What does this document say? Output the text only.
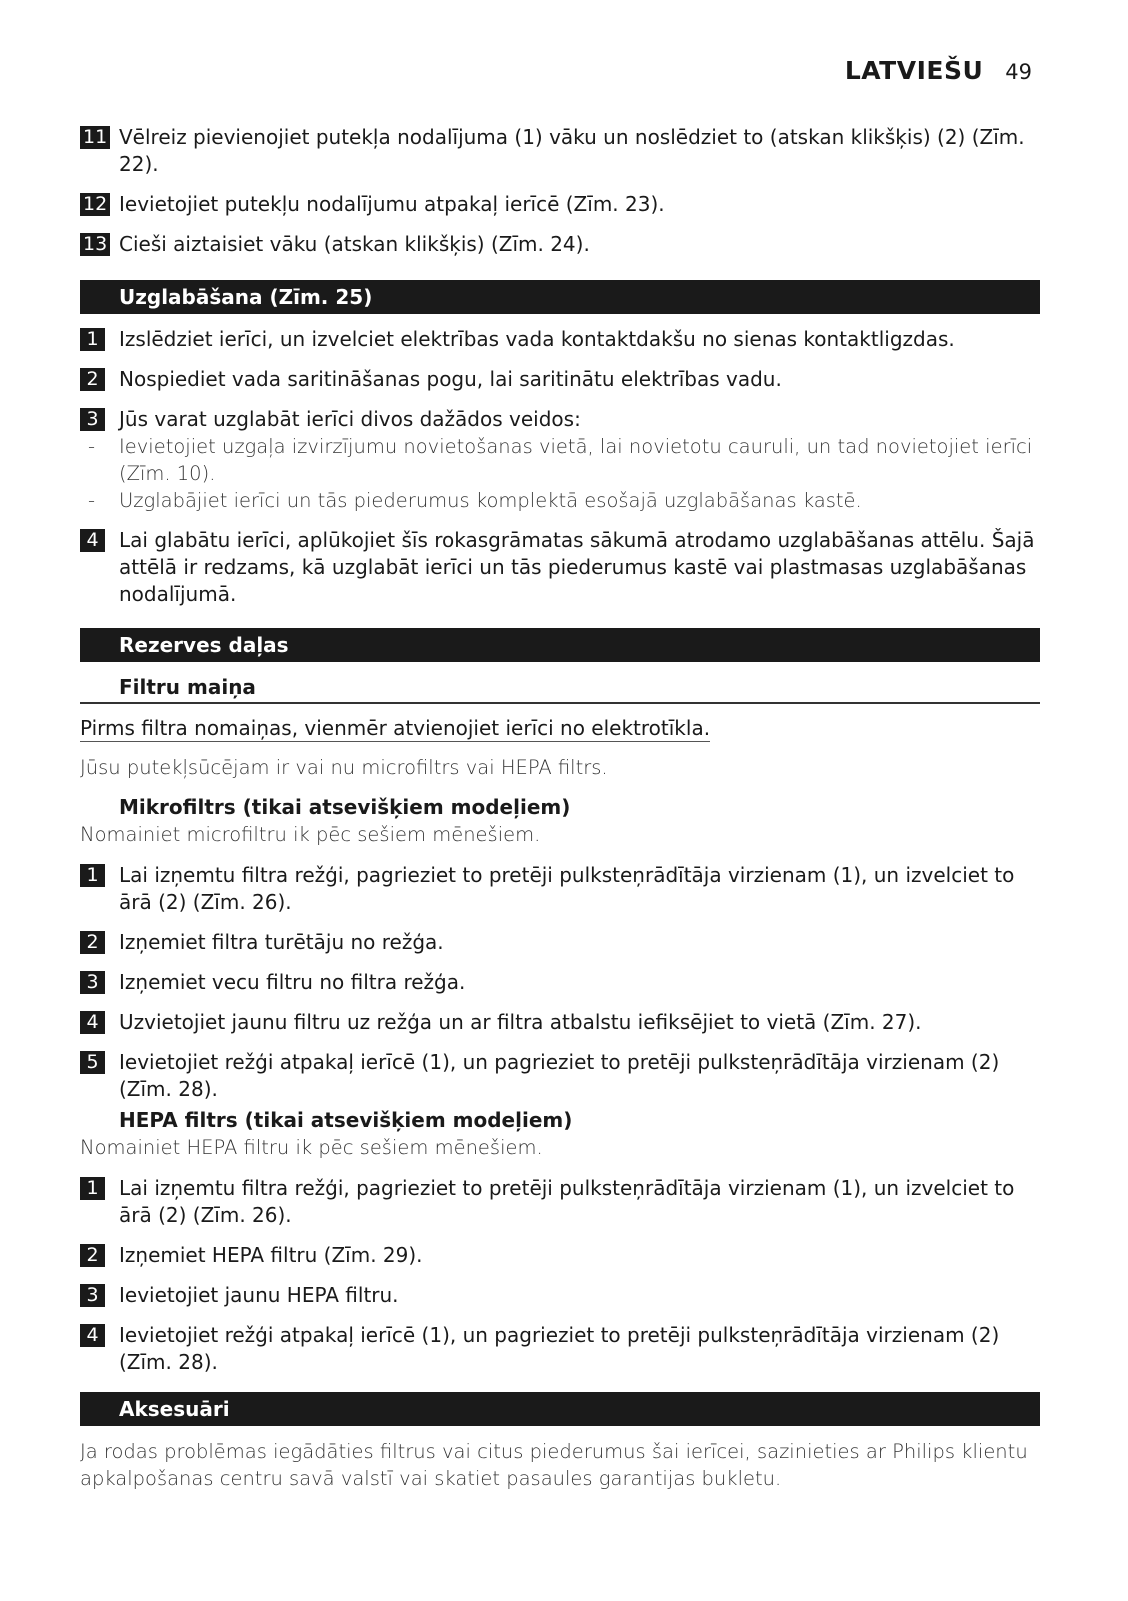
LATVIEŠU 49
11 Vēlreiz pievienojiet putekļa nodalījuma (1) vāku un noslēdziet to (atskan klikšķis) (2) (Zīm. 22).
12 Ievietojiet putekļu nodalījumu atpakaļ ierīcē (Zīm. 23).
13 Cieši aiztaisiet vāku (atskan klikšķis) (Zīm. 24).
Uzglabāšana (Zīm. 25)
1	Izslēdziet ierīci, un izvelciet elektrības vada kontaktdakšu no sienas kontaktligzdas.
2	Nospiediet vada saritināšanas pogu, lai saritinātu elektrības vadu.
3	Jūs varat uzglabāt ierīci divos dažādos veidos:
- Ievietojiet uzgaļa izvirzījumu novietošanas vietā, lai novietotu cauruli, un tad novietojiet ierīci (Zīm. 10).
- Uzglabājiet ierīci un tās piederumus komplektā esošajā uzglabāšanas kastē.
4	Lai glabātu ierīci, aplūkojiet šīs rokasgrāmatas sākumā atrodamo uzglabāšanas attēlu. Šajā attēlā ir redzams, kā uzglabāt ierīci un tās piederumus kastē vai plastmasas uzglabāšanas nodalījumā.
Rezerves daļas
Filtru maiņa
Pirms filtra nomaiņas, vienmēr atvienojiet ierīci no elektrotīkla.
Jūsu putekļsūcējam ir vai nu microfiltrs vai HEPA filtrs.
Mikrofiltrs (tikai atsevišķiem modeļiem)
Nomainiet microfiltru ik pēc sešiem mēnešiem.
1	Lai izņemtu filtra režģi, pagrieziet to pretēji pulksteņrādītāja virzienam (1), un izvelciet to ārā (2) (Zīm. 26).
2	Izņemiet filtra turētāju no režģa.
3	Izņemiet vecu filtru no filtra režģa.
4	Uzvietojiet jaunu filtru uz režģa un ar filtra atbalstu iefiksējiet to vietā (Zīm. 27).
5	Ievietojiet režģi atpakaļ ierīcē (1), un pagrieziet to pretēji pulksteņrādītāja virzienam (2) (Zīm. 28).
HEPA filtrs (tikai atsevišķiem modeļiem)
Nomainiet HEPA filtru ik pēc sešiem mēnešiem.
1	Lai izņemtu filtra režģi, pagrieziet to pretēji pulksteņrādītāja virzienam (1), un izvelciet to ārā (2) (Zīm. 26).
2	Izņemiet HEPA filtru (Zīm. 29).
3	Ievietojiet jaunu HEPA filtru.
4	Ievietojiet režģi atpakaļ ierīcē (1), un pagrieziet to pretēji pulksteņrādītāja virzienam (2) (Zīm. 28).
Aksesuāri
Ja rodas problēmas iegādāties filtrus vai citus piederumus šai ierīcei, sazinieties ar Philips klientu apkalpošanas centru savā valstī vai skatiet pasaules garantijas bukletu.
